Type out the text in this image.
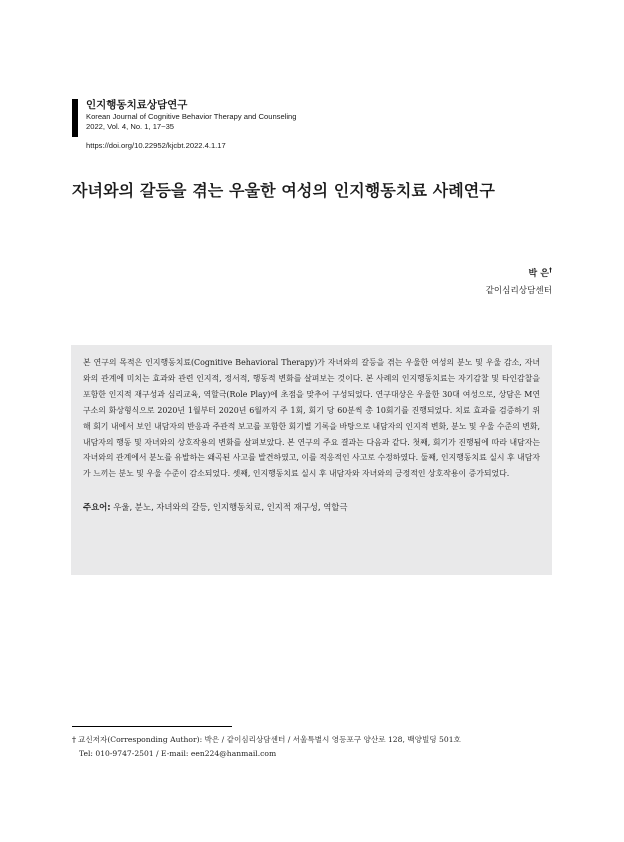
인지행동치료상담연구

Korean Journal of Cognitive Behavior Therapy and Counseling

2022, Vol. 4, No. 1, 17~35

https://doi.org/10.22952/kjcbt.2022.4.1.17
자녀와의 갈등을 겪는 우울한 여성의 인지행동치료 사례연구
박 은†
같이심리상담센터

본 연구의 목적은 인지행동치료(Cognitive Behavioral Therapy)가 자녀와의 갈등을 겪는 우울한 여성의 분노 및 우울 감소, 자녀와의 관계에 미치는 효과와 관련 인지적, 정서적, 행동적 변화를 살펴보는 것이다. 본 사례의 인지행동치료는 자기감찰 및 타인감찰을 포함한 인지적 재구성과 심리교육, 역할극(Role Play)에 초점을 맞추어 구성되었다. 연구대상은 우울한 30대 여성으로, 상담은 M연구소의 화상형식으로 2020년 1월부터 2020년 6월까지 주 1회, 회기 당 60분씩 총 10회기를 진행되었다. 치료 효과를 검증하기 위해 회기 내에서 보인 내담자의 반응과 주관적 보고를 포함한 회기별 기록을 바탕으로 내담자의 인지적 변화, 분노 및 우울 수준의 변화, 내담자의 행동 및 자녀와의 상호작용의 변화를 살펴보았다. 본 연구의 주요 결과는 다음과 같다. 첫째, 회기가 진행됨에 따라 내담자는 자녀와의 관계에서 분노를 유발하는 왜곡된 사고를 발견하였고, 이를 적응적인 사고로 수정하였다. 둘째, 인지행동치료 실시 후 내담자가 느끼는 분노 및 우울 수준이 감소되었다. 셋째, 인지행동치료 실시 후 내담자와 자녀와의 긍정적인 상호작용이 증가되었다.

주요어: 우울, 분노, 자녀와의 갈등, 인지행동치료, 인지적 재구성, 역할극

† 교신저자(Corresponding Author): 박은 / 같이심리상담센터 / 서울특별시 영등포구 양산로 128, 백양빌딩 501호

Tel: 010-9747-2501 / E-mail: een224@hanmail.com
